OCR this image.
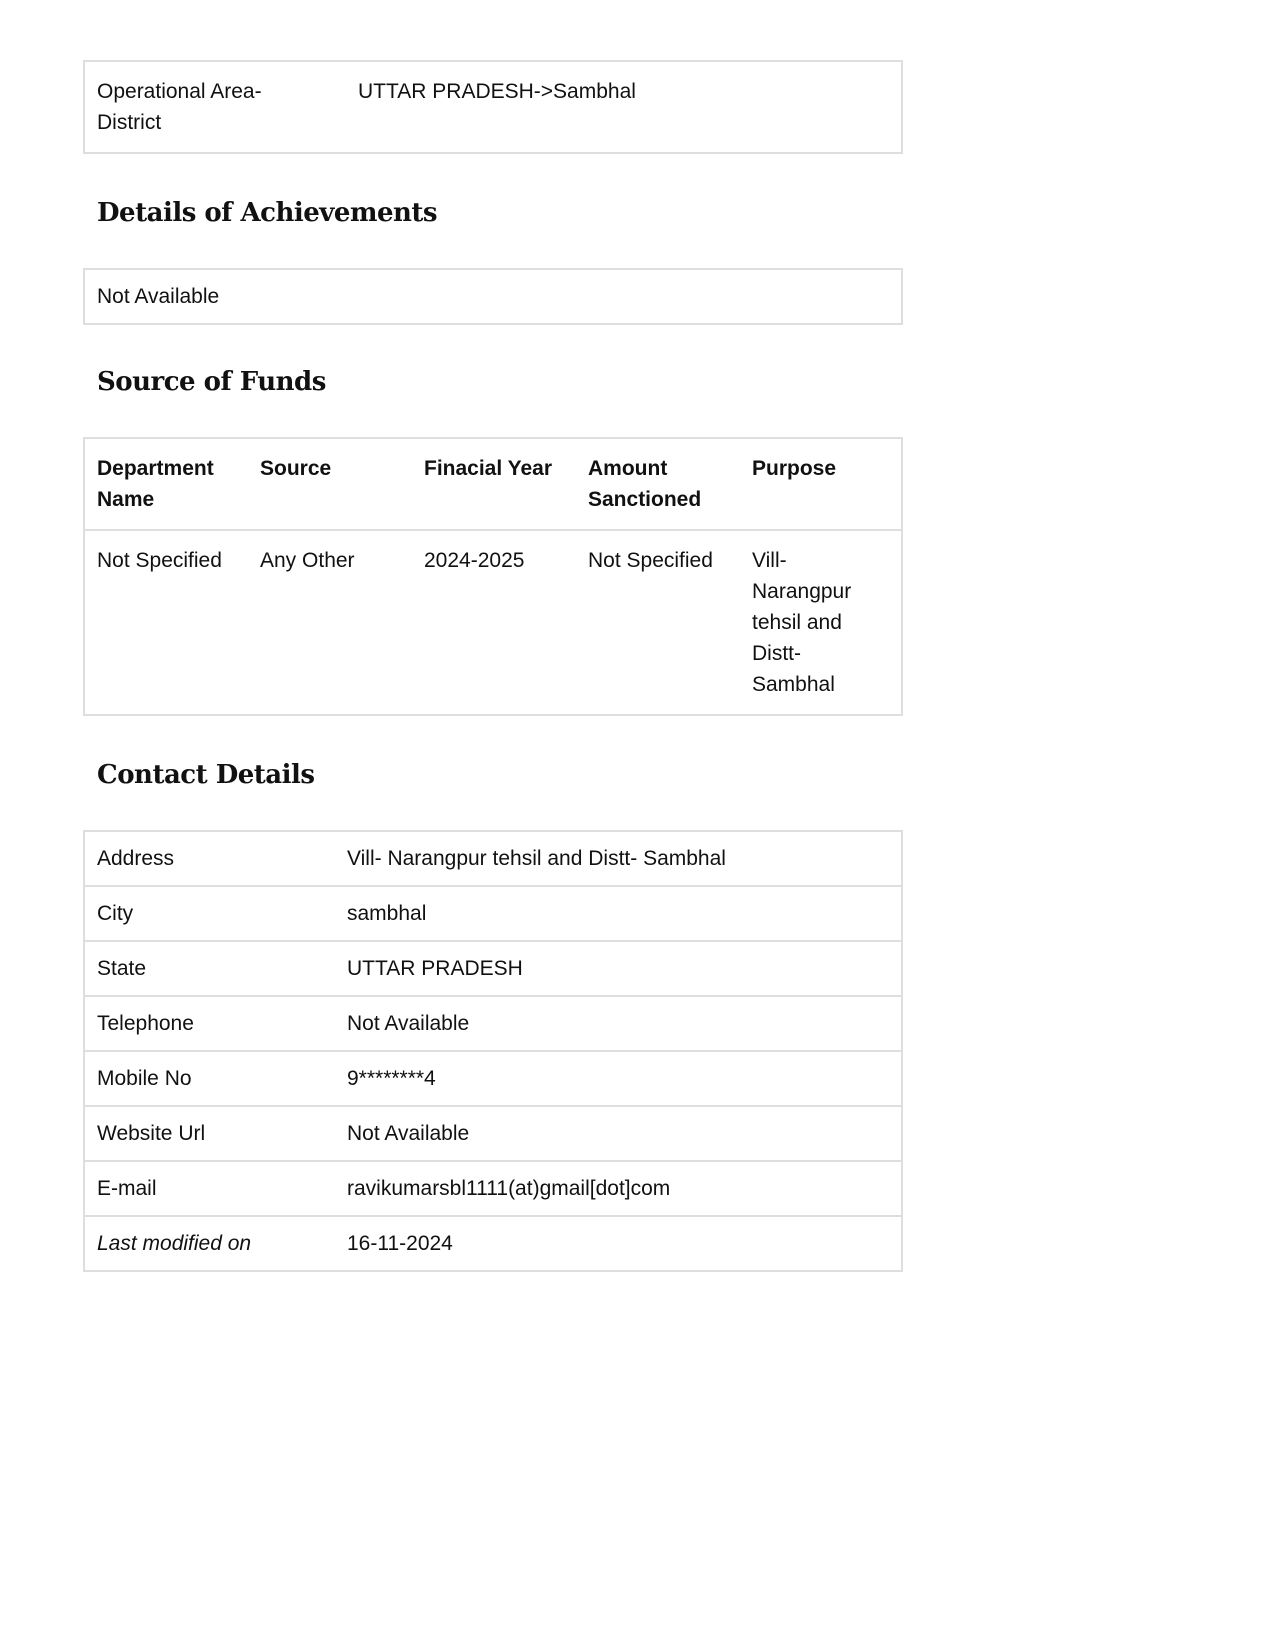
Operational Area-District	UTTAR PRADESH->Sambhal
Details of Achievements
Not Available
Source of Funds
Department Name	Source	Finacial Year	Amount Sanctioned	Purpose
Not Specified	Any Other	2024-2025	Not Specified	Vill- Narangpur tehsil and Distt- Sambhal
Contact Details
Address	Vill- Narangpur tehsil and Distt- Sambhal
City	sambhal
State	UTTAR PRADESH
Telephone	Not Available
Mobile No	9********4
Website Url	Not Available
E-mail	ravikumarsbl1111(at)gmail[dot]com
Last modified on	16-11-2024
